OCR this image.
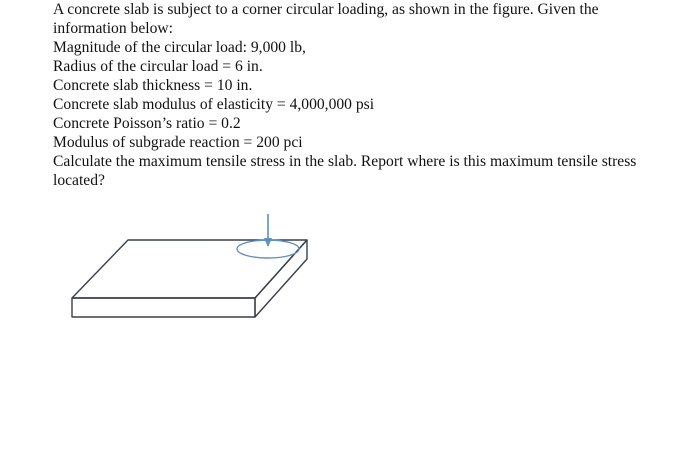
A concrete slab is subject to a corner circular loading, as shown in the figure. Given the information below:

Magnitude of the circular load: 9,000 lb,

Radius of the circular load = 6 in.

Concrete slab thickness = 10 in.

Concrete slab modulus of elasticity = 4,000,000 psi

Concrete Poisson’s ratio = 0.2

Modulus of subgrade reaction = 200 pci

Calculate the maximum tensile stress in the slab. Report where is this maximum tensile stress located?
